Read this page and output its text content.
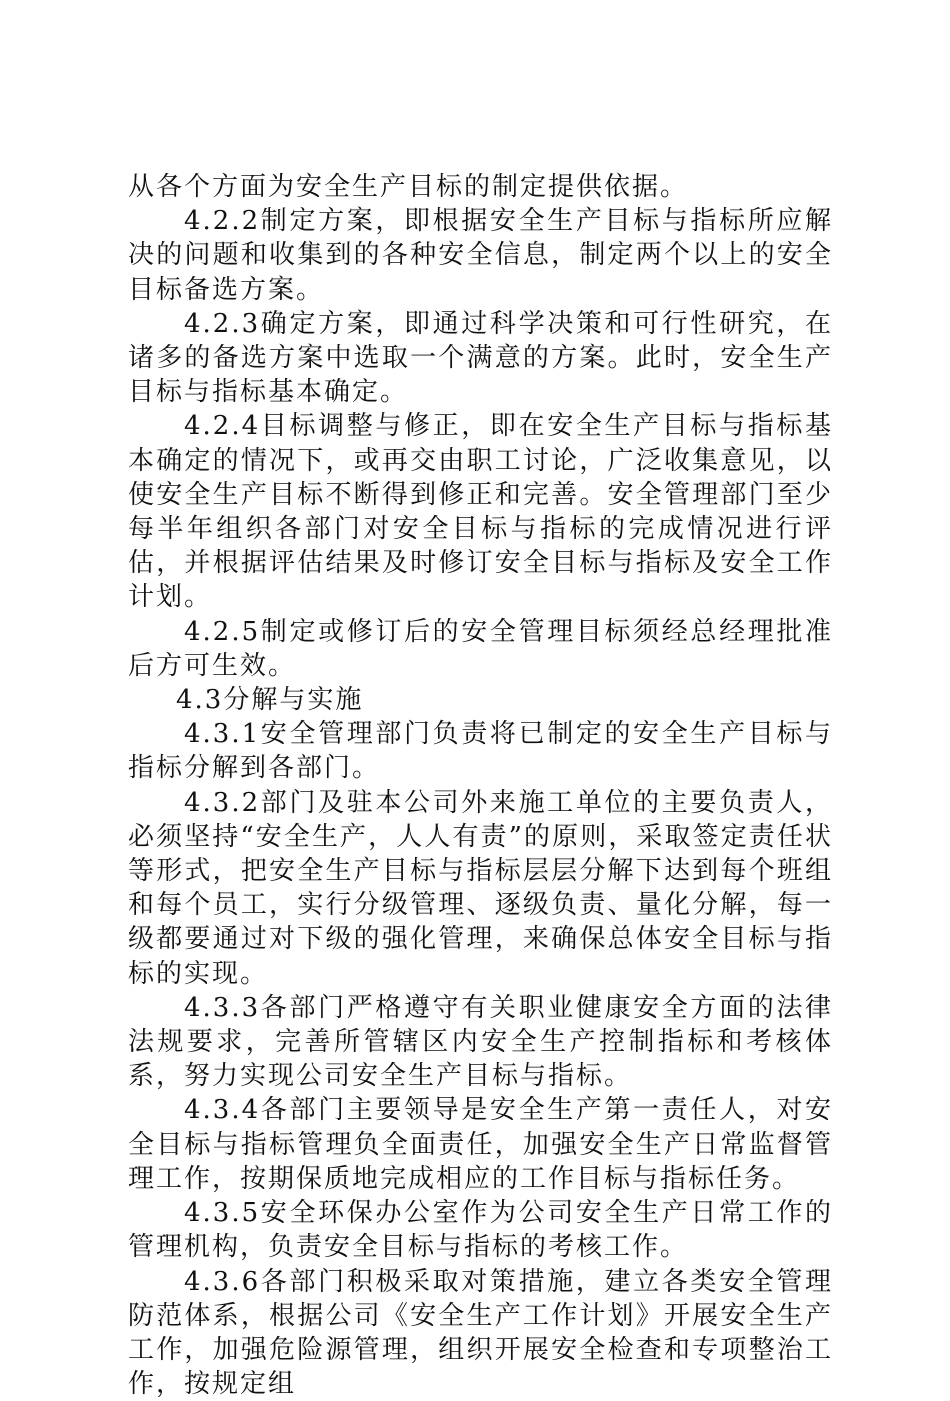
从各个方面为安全生产目标的制定提供依据。

4.2.2制定方案，即根据安全生产目标与指标所应解决的问题和收集到的各种安全信息，制定两个以上的安全目标备选方案。

4.2.3确定方案，即通过科学决策和可行性研究，在诸多的备选方案中选取一个满意的方案。此时，安全生产目标与指标基本确定。

4.2.4目标调整与修正，即在安全生产目标与指标基本确定的情况下，或再交由职工讨论，广泛收集意见，以使安全生产目标不断得到修正和完善。安全管理部门至少每半年组织各部门对安全目标与指标的完成情况进行评估，并根据评估结果及时修订安全目标与指标及安全工作计划。

4.2.5制定或修订后的安全管理目标须经总经理批准后方可生效。

4.3分解与实施

4.3.1安全管理部门负责将已制定的安全生产目标与指标分解到各部门。

4.3.2部门及驻本公司外来施工单位的主要负责人，必须坚持“安全生产，人人有责”的原则，采取签定责任状等形式，把安全生产目标与指标层层分解下达到每个班组和每个员工，实行分级管理、逐级负责、量化分解，每一级都要通过对下级的强化管理，来确保总体安全目标与指标的实现。

4.3.3各部门严格遵守有关职业健康安全方面的法律法规要求，完善所管辖区内安全生产控制指标和考核体系，努力实现公司安全生产目标与指标。

4.3.4各部门主要领导是安全生产第一责任人，对安全目标与指标管理负全面责任，加强安全生产日常监督管理工作，按期保质地完成相应的工作目标与指标任务。

4.3.5安全环保办公室作为公司安全生产日常工作的管理机构，负责安全目标与指标的考核工作。

4.3.6各部门积极采取对策措施，建立各类安全管理防范体系，根据公司《安全生产工作计划》开展安全生产工作，加强危险源管理，组织开展安全检查和专项整治工作，按规定组
